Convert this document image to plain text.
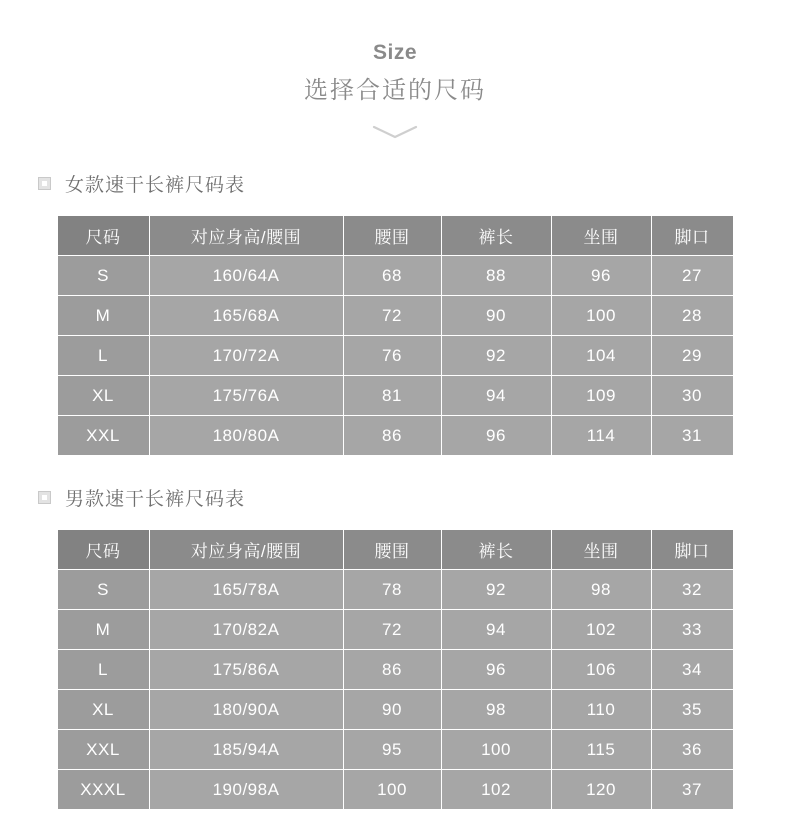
Size
选择合适的尺码
女款速干长裤尺码表
尺码	对应身高/腰围	腰围	裤长	坐围	脚口
S	160/64A	68	88	96	27
M	165/68A	72	90	100	28
L	170/72A	76	92	104	29
XL	175/76A	81	94	109	30
XXL	180/80A	86	96	114	31
男款速干长裤尺码表
尺码	对应身高/腰围	腰围	裤长	坐围	脚口
S	165/78A	78	92	98	32
M	170/82A	72	94	102	33
L	175/86A	86	96	106	34
XL	180/90A	90	98	110	35
XXL	185/94A	95	100	115	36
XXXL	190/98A	100	102	120	37
